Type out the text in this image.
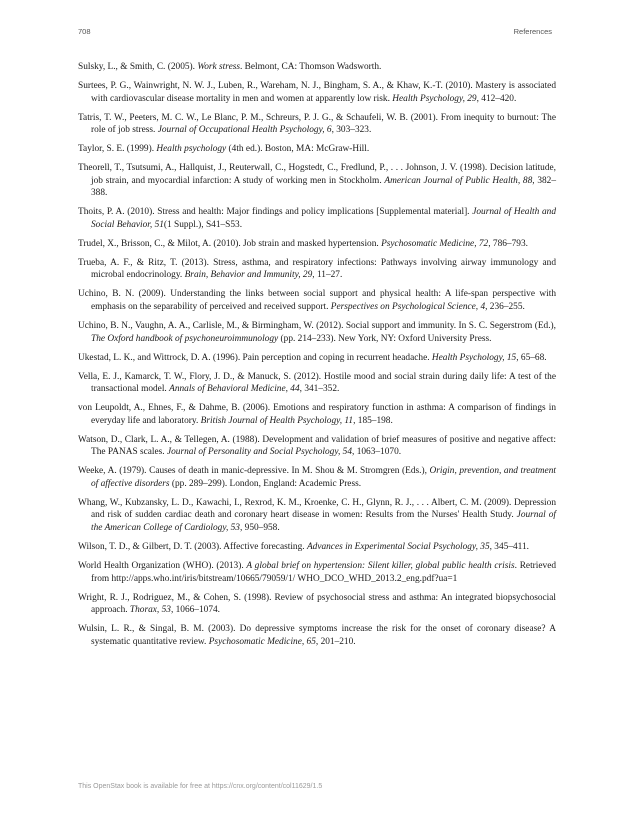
708	References

Sulsky, L., & Smith, C. (2005). Work stress. Belmont, CA: Thomson Wadsworth.

Surtees, P. G., Wainwright, N. W. J., Luben, R., Wareham, N. J., Bingham, S. A., & Khaw, K.-T. (2010). Mastery is associated with cardiovascular disease mortality in men and women at apparently low risk. Health Psychology, 29, 412–420.

Tatris, T. W., Peeters, M. C. W., Le Blanc, P. M., Schreurs, P. J. G., & Schaufeli, W. B. (2001). From inequity to burnout: The role of job stress. Journal of Occupational Health Psychology, 6, 303–323.

Taylor, S. E. (1999). Health psychology (4th ed.). Boston, MA: McGraw-Hill.

Theorell, T., Tsutsumi, A., Hallquist, J., Reuterwall, C., Hogstedt, C., Fredlund, P., . . . Johnson, J. V. (1998). Decision latitude, job strain, and myocardial infarction: A study of working men in Stockholm. American Journal of Public Health, 88, 382–388.

Thoits, P. A. (2010). Stress and health: Major findings and policy implications [Supplemental material]. Journal of Health and Social Behavior, 51(1 Suppl.), S41–S53.

Trudel, X., Brisson, C., & Milot, A. (2010). Job strain and masked hypertension. Psychosomatic Medicine, 72, 786–793.

Trueba, A. F., & Ritz, T. (2013). Stress, asthma, and respiratory infections: Pathways involving airway immunology and microbal endocrinology. Brain, Behavior and Immunity, 29, 11–27.

Uchino, B. N. (2009). Understanding the links between social support and physical health: A life-span perspective with emphasis on the separability of perceived and received support. Perspectives on Psychological Science, 4, 236–255.

Uchino, B. N., Vaughn, A. A., Carlisle, M., & Birmingham, W. (2012). Social support and immunity. In S. C. Segerstrom (Ed.), The Oxford handbook of psychoneuroimmunology (pp. 214–233). New York, NY: Oxford University Press.

Ukestad, L. K., and Wittrock, D. A. (1996). Pain perception and coping in recurrent headache. Health Psychology, 15, 65–68.

Vella, E. J., Kamarck, T. W., Flory, J. D., & Manuck, S. (2012). Hostile mood and social strain during daily life: A test of the transactional model. Annals of Behavioral Medicine, 44, 341–352.

von Leupoldt, A., Ehnes, F., & Dahme, B. (2006). Emotions and respiratory function in asthma: A comparison of findings in everyday life and laboratory. British Journal of Health Psychology, 11, 185–198.

Watson, D., Clark, L. A., & Tellegen, A. (1988). Development and validation of brief measures of positive and negative affect: The PANAS scales. Journal of Personality and Social Psychology, 54, 1063–1070.

Weeke, A. (1979). Causes of death in manic-depressive. In M. Shou & M. Stromgren (Eds.), Origin, prevention, and treatment of affective disorders (pp. 289–299). London, England: Academic Press.

Whang, W., Kubzansky, L. D., Kawachi, I., Rexrod, K. M., Kroenke, C. H., Glynn, R. J., . . . Albert, C. M. (2009). Depression and risk of sudden cardiac death and coronary heart disease in women: Results from the Nurses' Health Study. Journal of the American College of Cardiology, 53, 950–958.

Wilson, T. D., & Gilbert, D. T. (2003). Affective forecasting. Advances in Experimental Social Psychology, 35, 345–411.

World Health Organization (WHO). (2013). A global brief on hypertension: Silent killer, global public health crisis. Retrieved from http://apps.who.int/iris/bitstream/10665/79059/1/ WHO_DCO_WHD_2013.2_eng.pdf?ua=1

Wright, R. J., Rodriguez, M., & Cohen, S. (1998). Review of psychosocial stress and asthma: An integrated biopsychosocial approach. Thorax, 53, 1066–1074.

Wulsin, L. R., & Singal, B. M. (2003). Do depressive symptoms increase the risk for the onset of coronary disease? A systematic quantitative review. Psychosomatic Medicine, 65, 201–210.

This OpenStax book is available for free at https://cnx.org/content/col11629/1.5
